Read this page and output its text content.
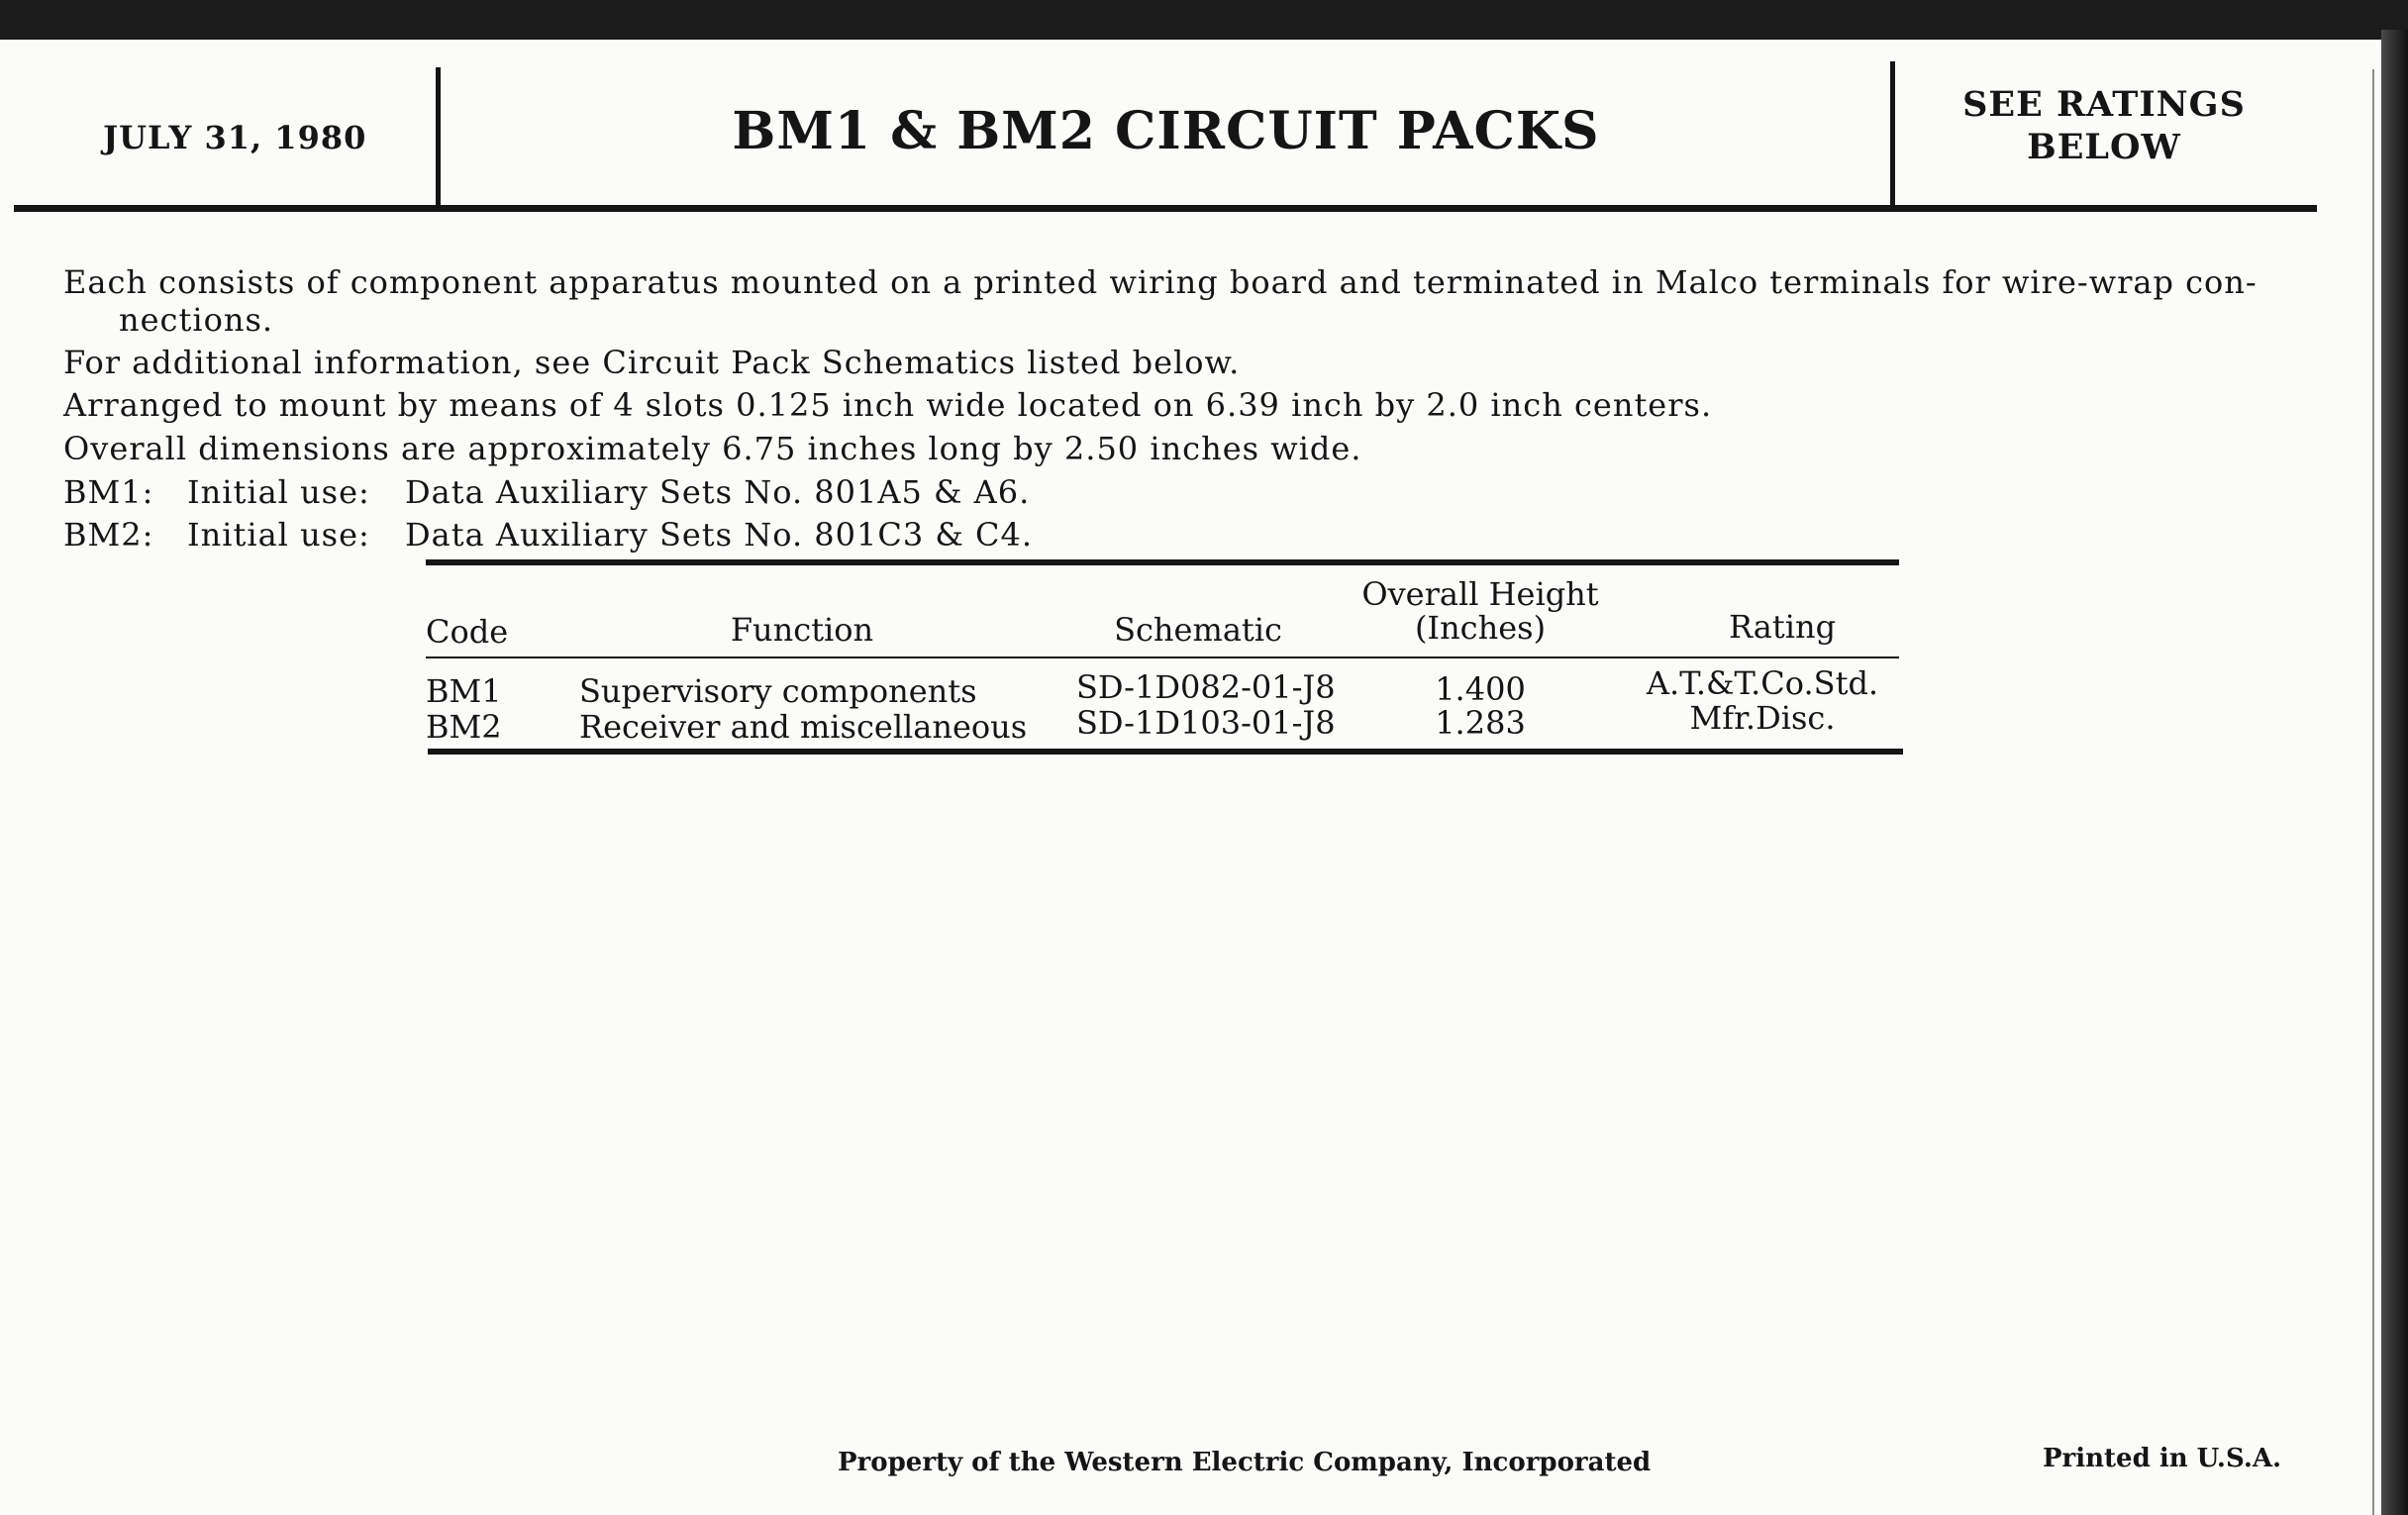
JULY 31, 1980	BM1 & BM2 CIRCUIT PACKS	SEE RATINGS
BELOW
Each consists of component apparatus mounted on a printed wiring board and terminated in Malco terminals for wire-wrap con-
nections.
For additional information, see Circuit Pack Schematics listed below.
Arranged to mount by means of 4 slots 0.125 inch wide located on 6.39 inch by 2.0 inch centers.
Overall dimensions are approximately 6.75 inches long by 2.50 inches wide.
BM1: Initial use: Data Auxiliary Sets No. 801A5 & A6.
BM2: Initial use: Data Auxiliary Sets No. 801C3 & C4.
Code	Function	Schematic
Overall Height
(Inches)	Rating
BM1 Supervisory components	SD-1D082-01-J8	1.400	A.T.&T.Co.Std.
BM2 Receiver and miscellaneous SD-1D103-01-J8	1.283	Mfr.Disc.
Property of the Western Electric Company, Incorporated	Printed in U.S.A.
